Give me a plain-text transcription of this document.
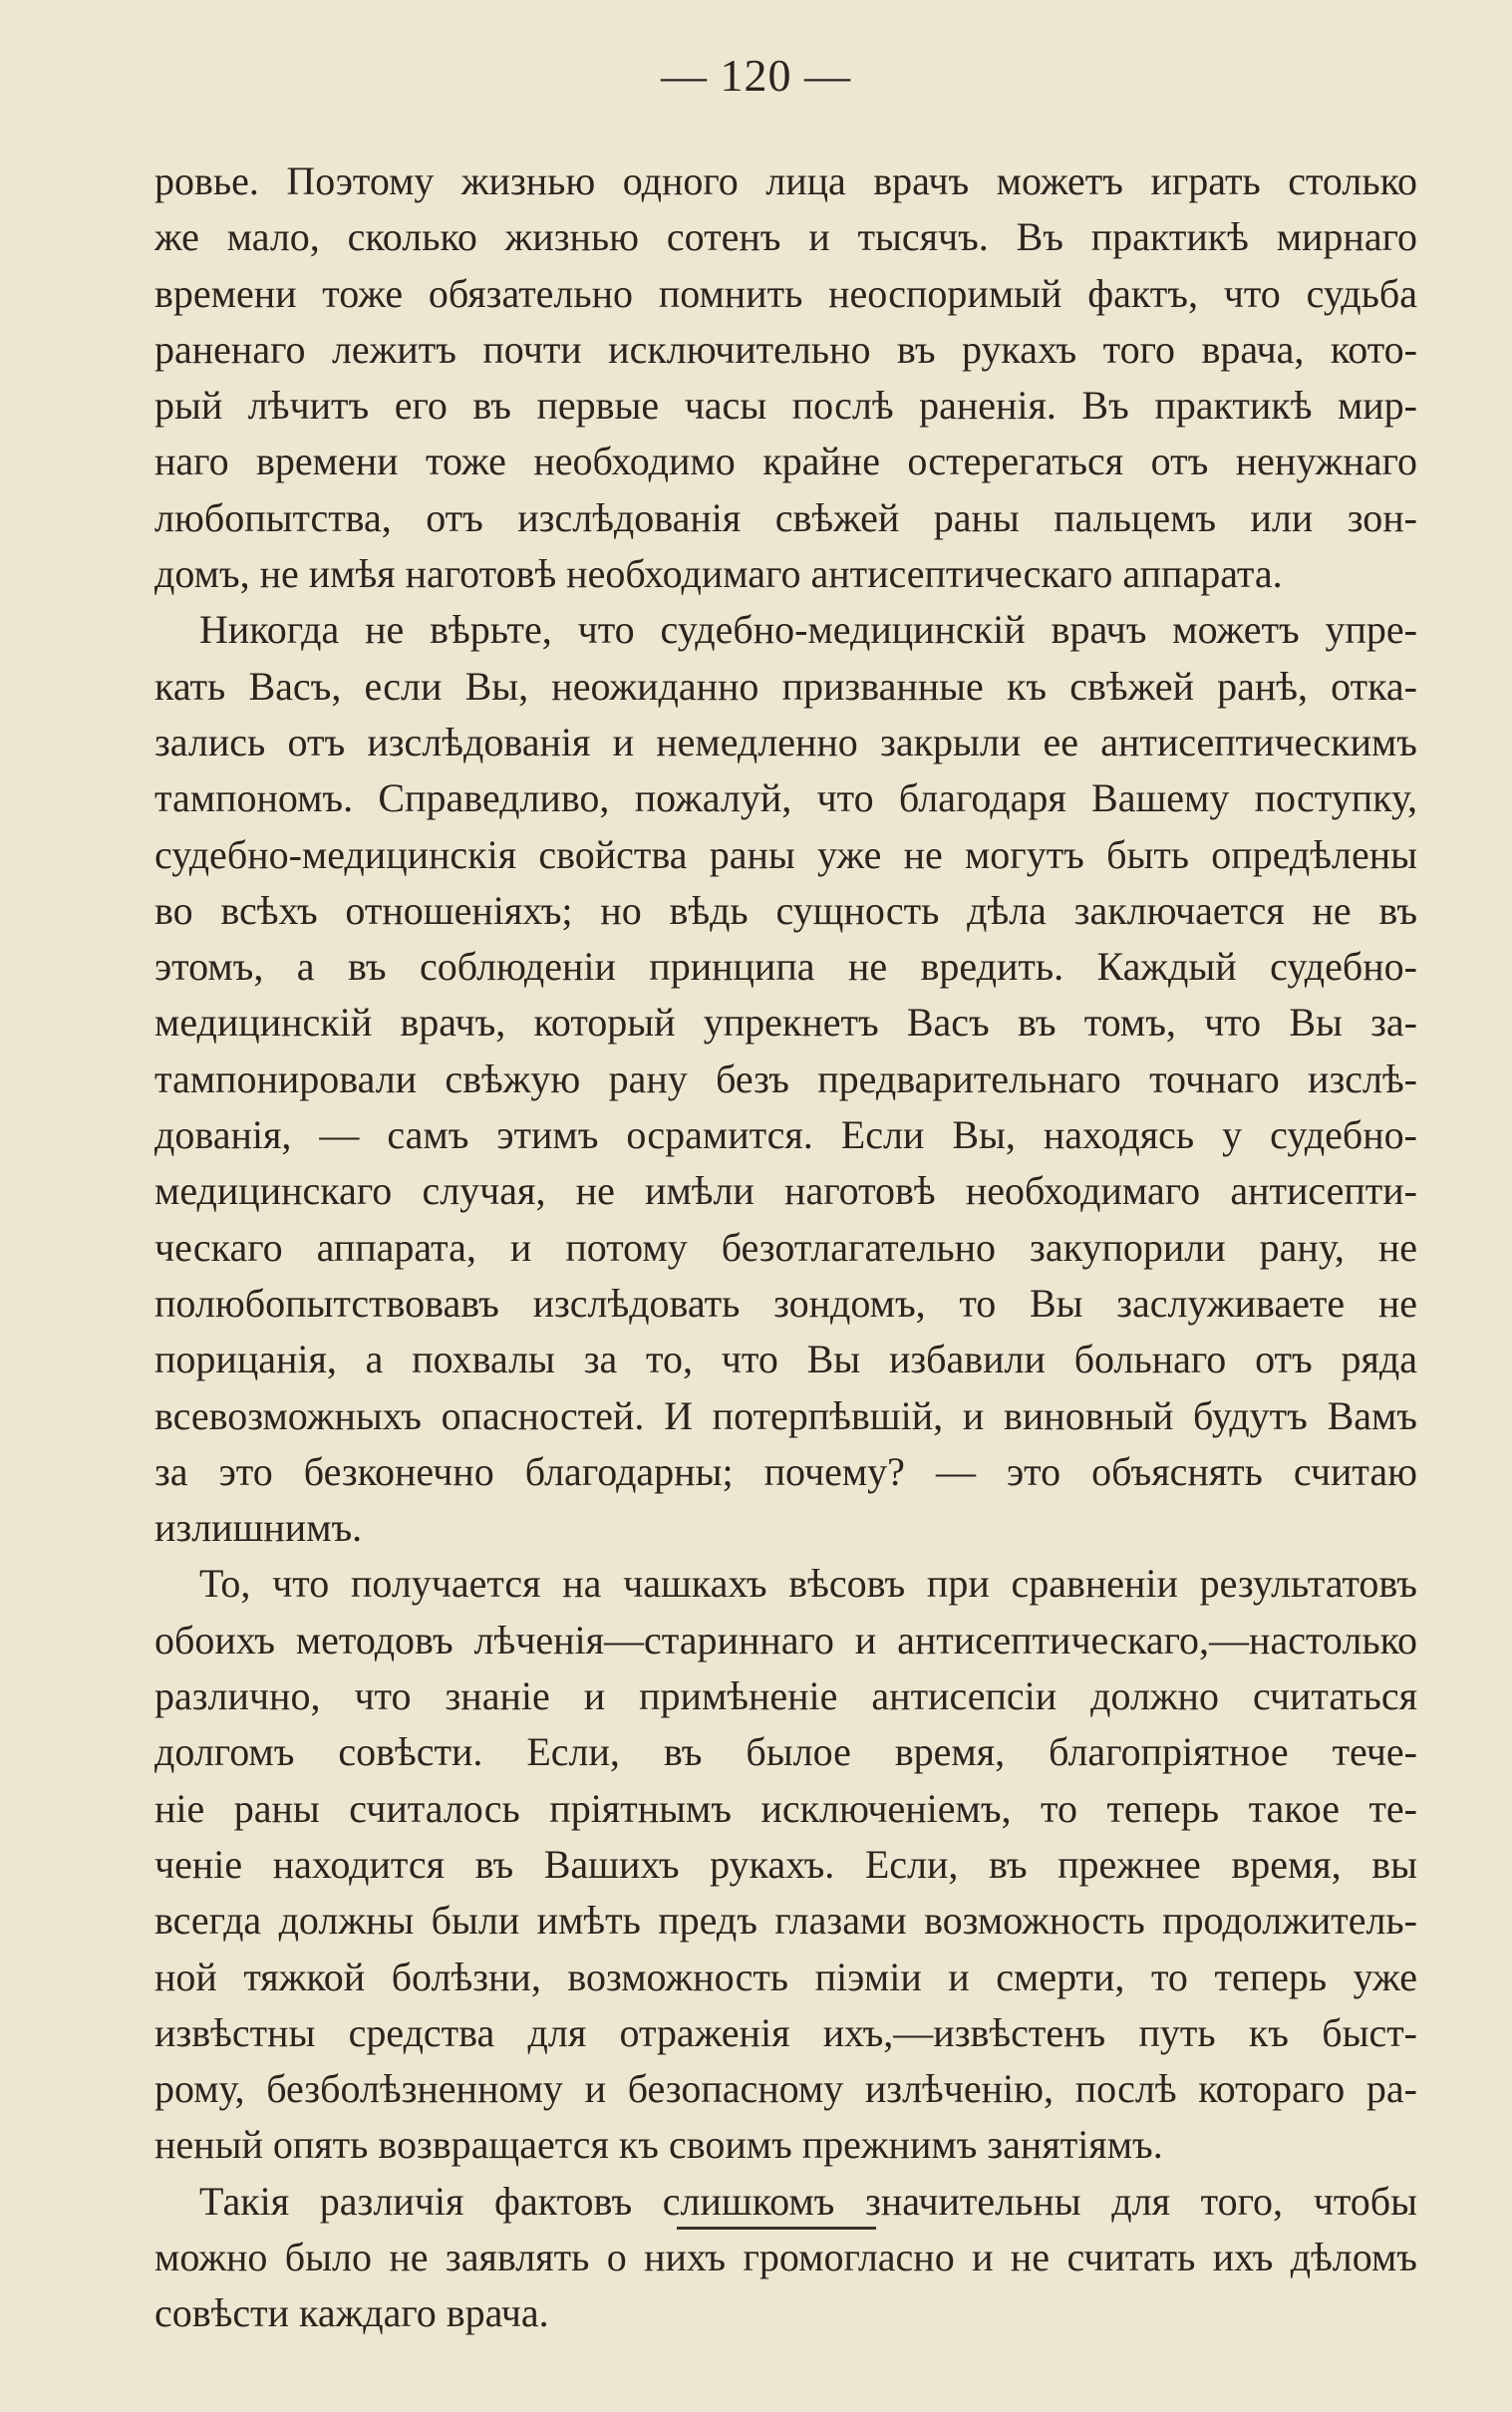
— 120 —
ровье. Поэтому жизнью одного лица врачъ можетъ играть столько
же мало, сколько жизнью сотенъ и тысячъ. Въ практикѣ мирнаго
времени тоже обязательно помнить неоспоримый фактъ, что судьба
раненаго лежитъ почти исключительно въ рукахъ того врача, кото-
рый лѣчитъ его въ первые часы послѣ раненія. Въ практикѣ мир-
наго времени тоже необходимо крайне остерегаться отъ ненужнаго
любопытства, отъ изслѣдованія свѣжей раны пальцемъ или зон-
домъ, не имѣя наготовѣ необходимаго антисептическаго аппарата.
Никогда не вѣрьте, что судебно-медицинскій врачъ можетъ упре-
кать Васъ, если Вы, неожиданно призванные къ свѣжей ранѣ, отка-
зались отъ изслѣдованія и немедленно закрыли ее антисептическимъ
тампономъ. Справедливо, пожалуй, что благодаря Вашему поступку,
судебно-медицинскія свойства раны уже не могутъ быть опредѣлены
во всѣхъ отношеніяхъ; но вѣдь сущность дѣла заключается не въ
этомъ, а въ соблюденіи принципа не вредить. Каждый судебно-
медицинскій врачъ, который упрекнетъ Васъ въ томъ, что Вы за-
тампонировали свѣжую рану безъ предварительнаго точнаго изслѣ-
дованія, — самъ этимъ осрамится. Если Вы, находясь у судебно-
медицинскаго случая, не имѣли наготовѣ необходимаго антисепти-
ческаго аппарата, и потому безотлагательно закупорили рану, не
полюбопытствовавъ изслѣдовать зондомъ, то Вы заслуживаете не
порицанія, а похвалы за то, что Вы избавили больнаго отъ ряда
всевозможныхъ опасностей. И потерпѣвшій, и виновный будутъ Вамъ
за это безконечно благодарны; почему? — это объяснять считаю
излишнимъ.
То, что получается на чашкахъ вѣсовъ при сравненіи результатовъ
обоихъ методовъ лѣченія—стариннаго и антисептическаго,—настолько
различно, что знаніе и примѣненіе антисепсіи должно считаться
долгомъ совѣсти. Если, въ былое время, благопріятное тече-
ніе раны считалось пріятнымъ исключеніемъ, то теперь такое те-
ченіе находится въ Вашихъ рукахъ. Если, въ прежнее время, вы
всегда должны были имѣть предъ глазами возможность продолжитель-
ной тяжкой болѣзни, возможность піэміи и смерти, то теперь уже
извѣстны средства для отраженія ихъ,—извѣстенъ путь къ быст-
рому, безболѣзненному и безопасному излѣченію, послѣ котораго ра-
неный опять возвращается къ своимъ прежнимъ занятіямъ.
Такія различія фактовъ слишкомъ значительны для того, чтобы
можно было не заявлять о нихъ громогласно и не считать ихъ дѣломъ
совѣсти каждаго врача.
